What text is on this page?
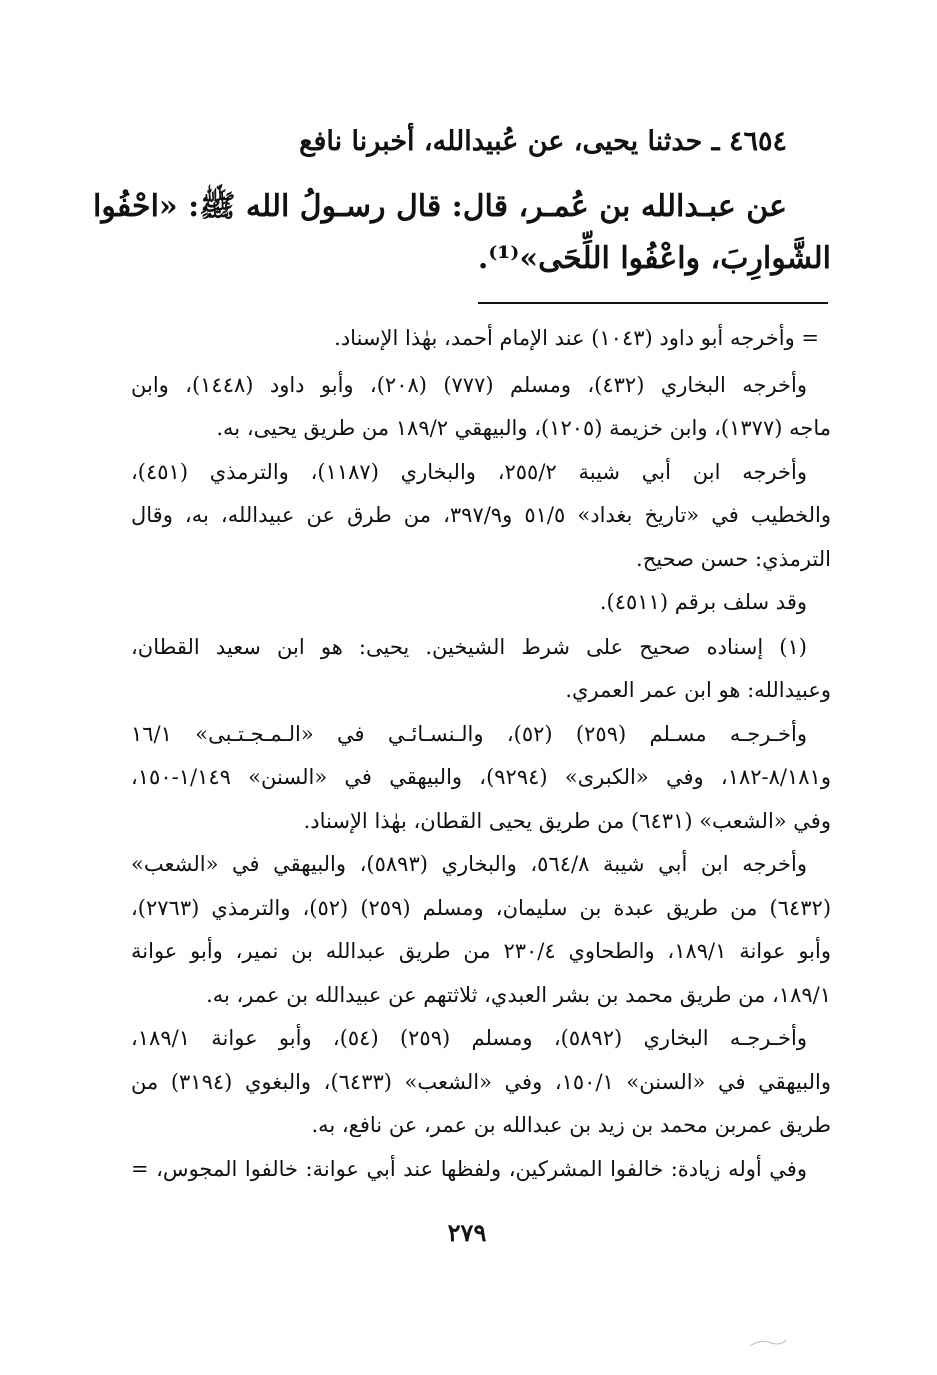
٤٦٥٤ ـ حدثنا يحيى، عن عُبيدالله، أخبرنا نافع
عن عبـدالله بن عُمـر، قال: قال رسـولُ الله ﷺ: «احْفُوا
الشَّوارِبَ، واعْفُوا اللِّحَى»⁽¹⁾.
= وأخرجه أبو داود (١٠٤٣) عند الإمام أحمد، بهٰذا الإسناد.
وأخرجه البخاري (٤٣٢)، ومسلم (٧٧٧) (٢٠٨)، وأبو داود (١٤٤٨)، وابن
ماجه (١٣٧٧)، وابن خزيمة (١٢٠٥)، والبيهقي ١٨٩/٢ من طريق يحيى، به.
وأخرجه ابن أبي شيبة ٢٥٥/٢، والبخاري (١١٨٧)، والترمذي (٤٥١)،
والخطيب في «تاريخ بغداد» ٥١/٥ و٣٩٧/٩، من طرق عن عبيدالله، به، وقال
الترمذي: حسن صحيح.
وقد سلف برقم (٤٥١١).
(١) إسناده صحيح على شرط الشيخين. يحيى: هو ابن سعيد القطان،
وعبيدالله: هو ابن عمر العمري.
وأخـرجـه مسـلم (٢٥٩) (٥٢)، والـنسـائـي في «الـمـجـتـبى» ١٦/١
و٨/١٨١-١٨٢، وفي «الكبرى» (٩٢٩٤)، والبيهقي في «السنن» ١/١٤٩-١٥٠،
وفي «الشعب» (٦٤٣١) من طريق يحيى القطان، بهٰذا الإسناد.
وأخرجه ابن أبي شيبة ٥٦٤/٨، والبخاري (٥٨٩٣)، والبيهقي في «الشعب»
(٦٤٣٢) من طريق عبدة بن سليمان، ومسلم (٢٥٩) (٥٢)، والترمذي (٢٧٦٣)،
وأبو عوانة ١٨٩/١، والطحاوي ٢٣٠/٤ من طريق عبدالله بن نمير، وأبو عوانة
١٨٩/١، من طريق محمد بن بشر العبدي، ثلاثتهم عن عبيدالله بن عمر، به.
وأخـرجـه البخاري (٥٨٩٢)، ومسلم (٢٥٩) (٥٤)، وأبو عوانة ١٨٩/١،
والبيهقي في «السنن» ١٥٠/١، وفي «الشعب» (٦٤٣٣)، والبغوي (٣١٩٤) من
طريق عمربن محمد بن زيد بن عبدالله بن عمر، عن نافع، به.
وفي أوله زيادة: خالفوا المشركين، ولفظها عند أبي عوانة: خالفوا المجوس، =
٢٧٩
